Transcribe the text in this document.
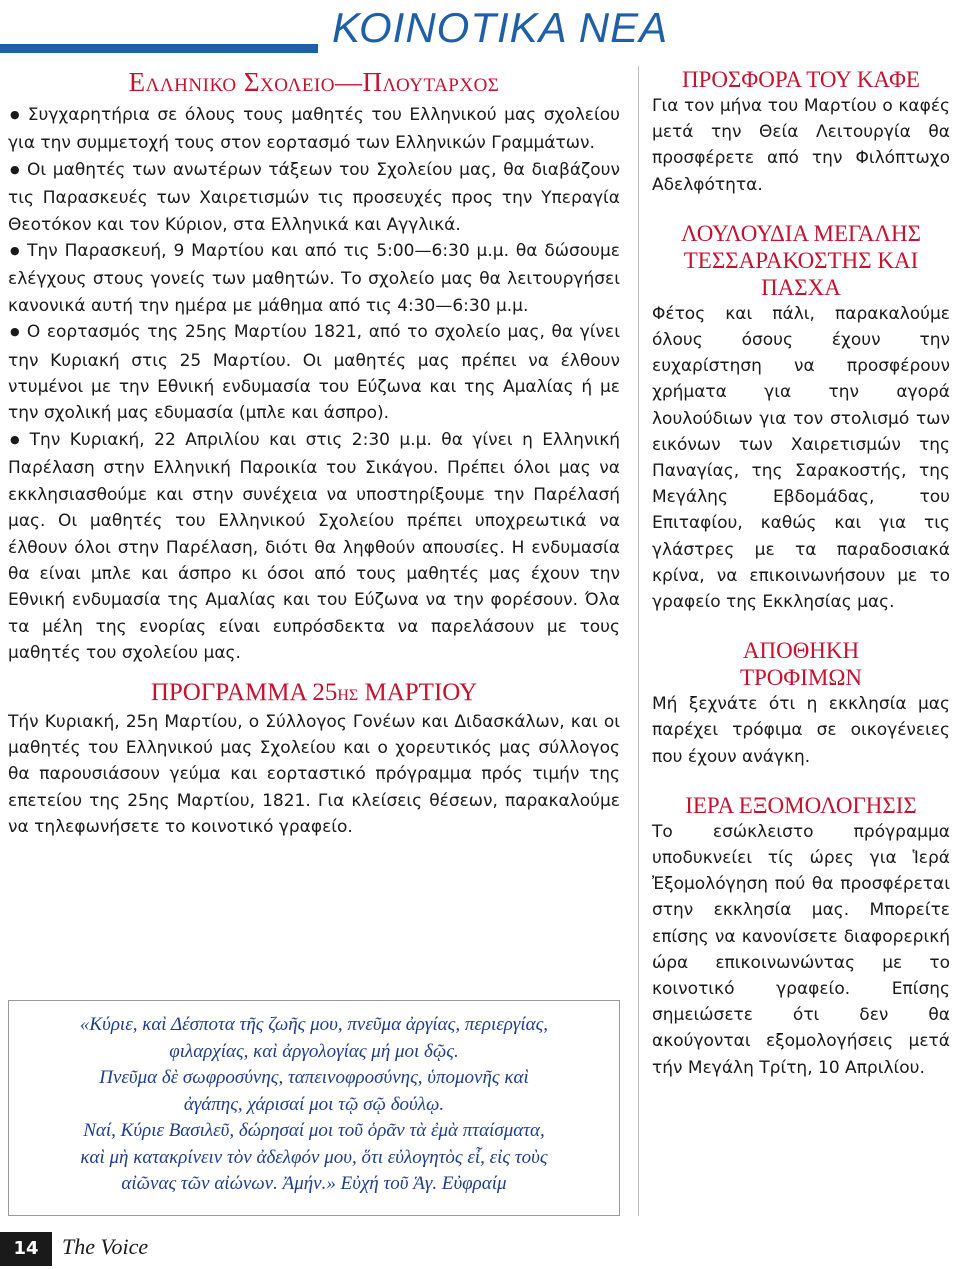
ΚΟΙΝΟΤΙΚΑ ΝΕΑ
Ελληνικο Σχολειο—Πλουταρχος

● Συγχαρητήρια σε όλους τους μαθητές του Ελληνικού μας σχολείου για την συμμετοχή τους στον εορτασμό των Ελληνικών Γραμμάτων.

● Οι μαθητές των ανωτέρων τάξεων του Σχολείου μας, θα διαβάζουν τις Παρασκευές των Χαιρετισμών τις προσευχές προς την Υπεραγία Θεοτόκον και τον Κύριον, στα Ελληνικά και Αγγλικά.

● Την Παρασκευή, 9 Μαρτίου και από τις 5:00—6:30 μ.μ. θα δώσουμε ελέγχους στους γονείς των μαθητών. Το σχολείο μας θα λειτουργήσει κανονικά αυτή την ημέρα με μάθημα από τις 4:30—6:30 μ.μ.

● Ο εορτασμός της 25ης Μαρτίου 1821, από το σχολείο μας, θα γίνει την Κυριακή στις 25 Μαρτίου. Οι μαθητές μας πρέπει να έλθουν ντυμένοι με την Εθνική ενδυμασία του Εύζωνα και της Αμαλίας ή με την σχολική μας εδυμασία (μπλε και άσπρο).

● Την Κυριακή, 22 Απριλίου και στις 2:30 μ.μ. θα γίνει η Ελληνική Παρέλαση στην Ελληνική Παροικία του Σικάγου. Πρέπει όλοι μας να εκκλησιασθούμε και στην συνέχεια να υποστηρίξουμε την Παρέλασή μας. Οι μαθητές του Ελληνικού Σχολείου πρέπει υποχρεωτικά να έλθουν όλοι στην Παρέλαση, διότι θα ληφθούν απουσίες. Η ενδυμασία θα είναι μπλε και άσπρο κι όσοι από τους μαθητές μας έχουν την Εθνική ενδυμασία της Αμαλίας και του Εύζωνα να την φορέσουν. Όλα τα μέλη της ενορίας είναι ευπρόσδεκτα να παρελάσουν με τους μαθητές του σχολείου μας.

ΠΡΟΓΡΑΜΜΑ 25ΗΣ ΜΑΡΤΙΟΥ

Τήν Κυριακή, 25η Μαρτίου, ο Σύλλογος Γονέων και Διδασκάλων, και οι μαθητές του Ελληνικού μας Σχολείου και ο χορευτικός μας σύλλογος θα παρουσιάσουν γεύμα και εορταστικό πρόγραμμα πρός τιμήν της επετείου της 25ης Μαρτίου, 1821. Για κλείσεις θέσεων, παρακαλούμε να τηλεφωνήσετε το κοινοτικό γραφείο.

ΠΡΟΣΦΟΡΑ ΤΟΥ ΚΑΦΕ

Για τον μήνα του Μαρτίου ο καφές μετά την Θεία Λειτουργία θα προσφέρετε από την Φιλόπτωχο Αδελφότητα.

ΛΟΥΛΟΥΔΙΑ ΜΕΓΑΛΗΣ
ΤΕΣΣΑΡΑΚΟΣΤΗΣ ΚΑΙ
ΠΑΣΧΑ

Φέτος και πάλι, παρακαλούμε όλους όσους έχουν την ευχαρίστηση να προσφέρουν χρήματα για την αγορά λουλούδιων για τον στολισμό των εικόνων των Χαιρετισμών της Παναγίας, της Σαρακοστής, της Μεγάλης Εβδομάδας, του Επιταφίου, καθώς και για τις γλάστρες με τα παραδοσιακά κρίνα, να επικοινωνήσουν με το γραφείο της Εκκλησίας μας.

ΑΠΟΘΗΚΗ
ΤΡΟΦΙΜΩΝ

Μή ξεχνάτε ότι η εκκλησία μας παρέχει τρόφιμα σε οικογένειες που έχουν ανάγκη.

ΙΕΡΑ ΕΞΟΜΟΛΟΓΗΣΙΣ

Το εσώκλειστο πρόγραμμα υποδυκνείει τίς ώρες για Ἱερά Ἐξομολόγηση πού θα προσφέρεται στην εκκλησία μας. Μπορείτε επίσης να κανονίσετε διαφορερική ώρα επικοινωνώντας με το κοινοτικό γραφείο. Επίσης σημειώσετε ότι δεν θα ακούγονται εξομολογήσεις μετά τήν Μεγάλη Τρίτη, 10 Απριλίου.

«Κύριε, καὶ Δέσποτα τῆς ζωῆς μου, πνεῦμα ἀργίας, περιεργίας,
φιλαρχίας, καὶ ἀργολογίας μή μοι δῷς.
Πνεῦμα δὲ σωφροσύνης, ταπεινοφροσύνης, ὑπομονῆς καὶ
ἀγάπης, χάρισαί μοι τῷ σῷ δούλῳ.
Ναί, Κύριε Βασιλεῦ, δώρησαί μοι τοῦ ὁρᾶν τὰ ἐμὰ πταίσματα,
καὶ μὴ κατακρίνειν τὸν ἀδελφόν μου, ὅτι εὐλογητὸς εἶ, εἰς τοὺς
αἰῶνας τῶν αἰώνων. Ἀμήν.» Εὐχή τοῦ Ἁγ. Εὐφραίμ
14	The Voice
